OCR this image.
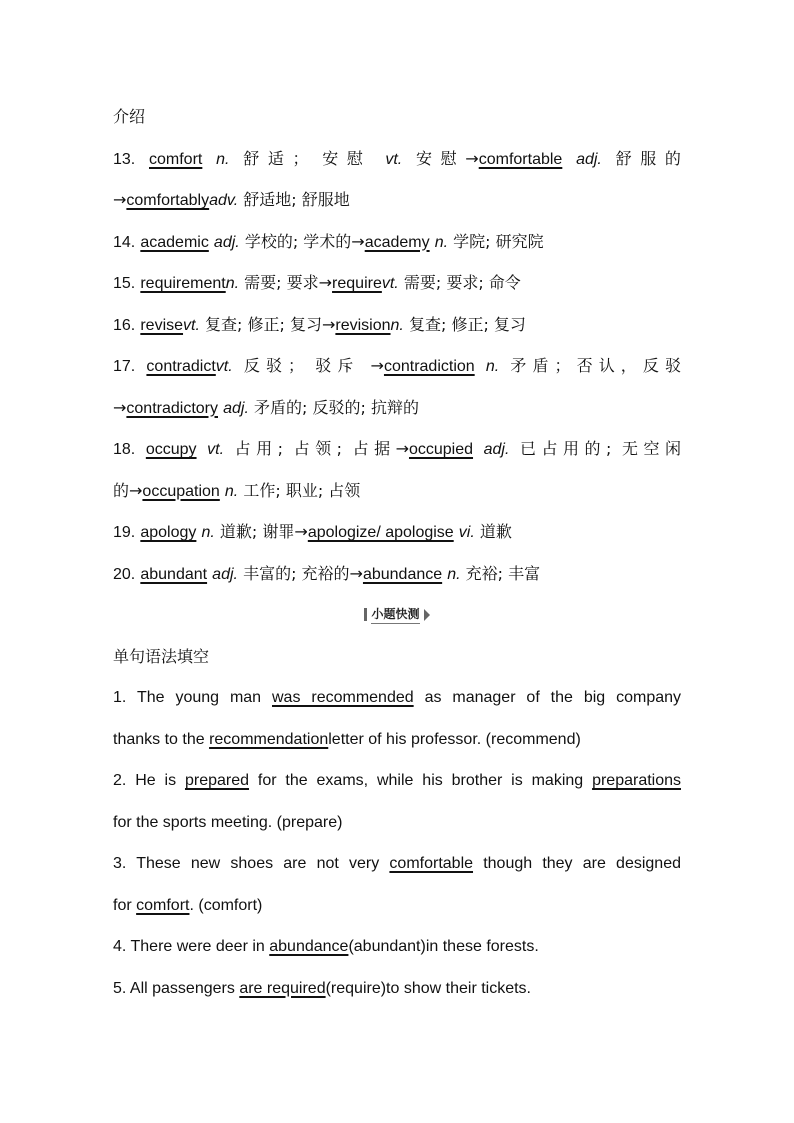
介绍
13. comfort n. 舒适； 安慰 vt. 安慰→comfortable adj. 舒服的
→comfortablyadv. 舒适地; 舒服地
14. academic adj. 学校的; 学术的→academy n. 学院; 研究院
15. requirementn. 需要; 要求→requirevt. 需要; 要求; 命令
16. revisevt. 复查; 修正; 复习→revisionn. 复查; 修正; 复习
17. contradictvt. 反驳； 驳斥 →contradiction n. 矛盾；否认，反驳
→contradictory adj. 矛盾的; 反驳的; 抗辩的
18. occupy vt. 占用; 占领; 占据→occupied adj. 已占用的; 无空闲
的→occupation n. 工作; 职业; 占领
19. apology n. 道歉; 谢罪→apologize/ apologise vi. 道歉
20. abundant adj. 丰富的; 充裕的→abundance n. 充裕; 丰富
小题快测
单句语法填空
1. The young man was recommended as manager of the big company
thanks to the recommendationletter of his professor. (recommend)
2. He is prepared for the exams, while his brother is making preparations
for the sports meeting. (prepare)
3. These new shoes are not very comfortable though they are designed
for comfort. (comfort)
4. There were deer in abundance(abundant)in these forests.
5. All passengers are required(require)to show their tickets.
